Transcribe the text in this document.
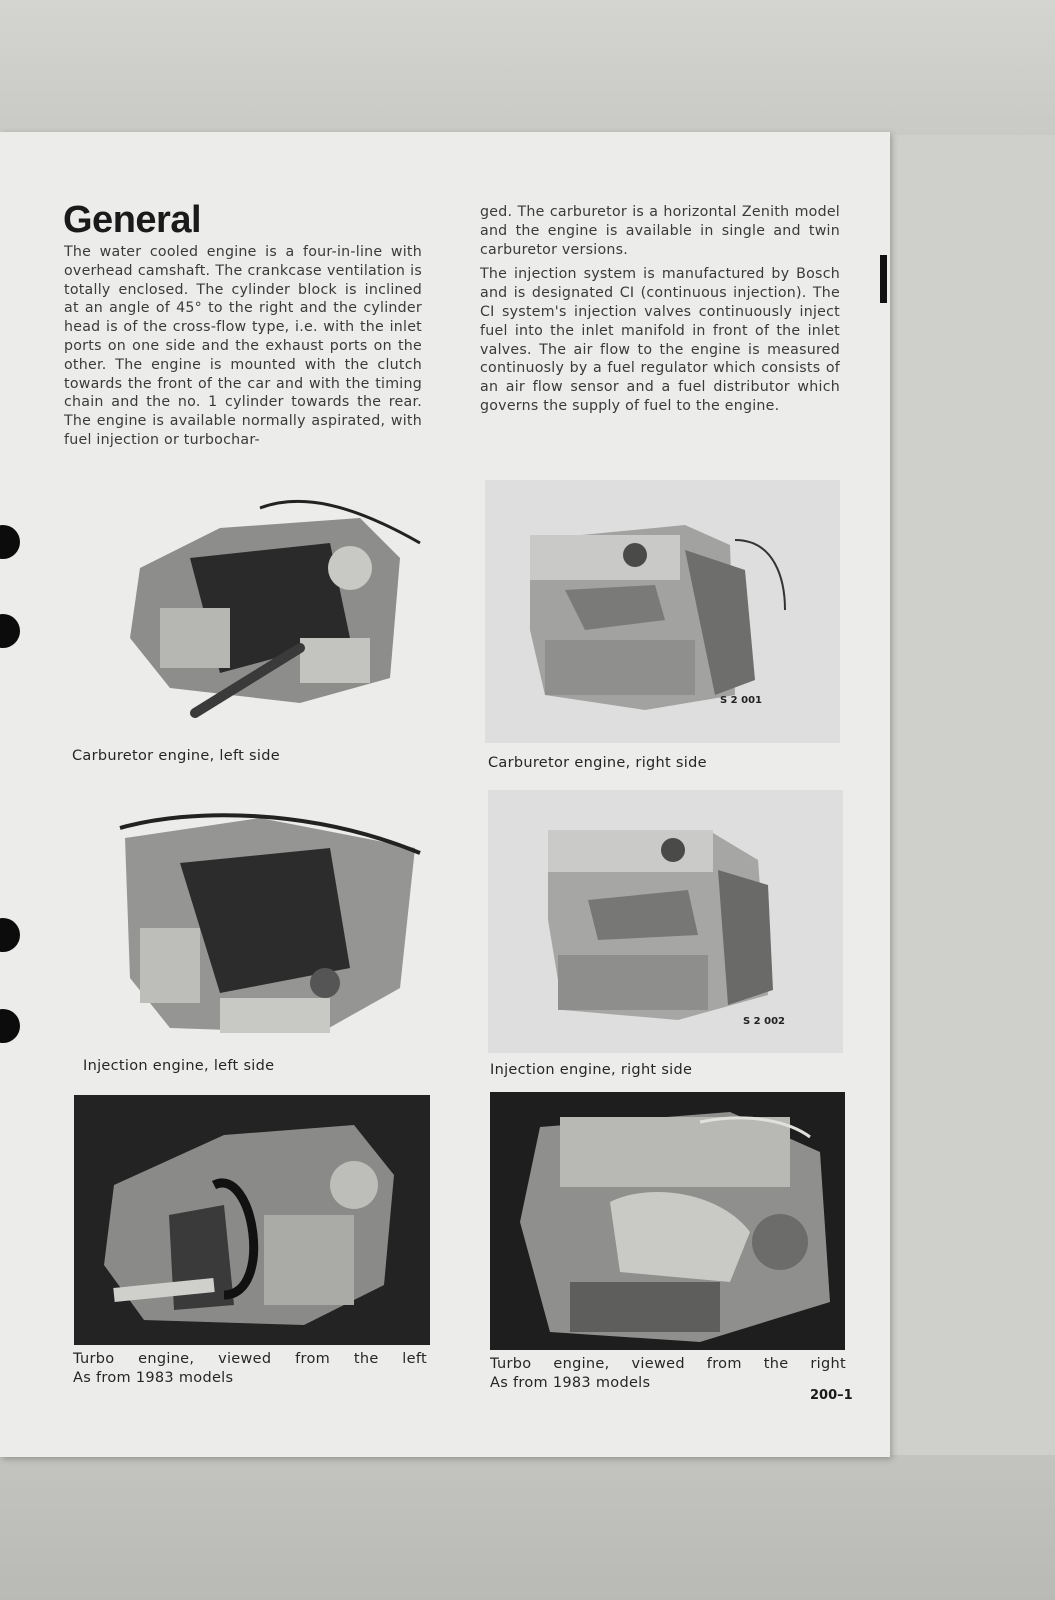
General

The water cooled engine is a four-in-line with overhead camshaft. The crankcase ventilation is totally enclosed. The cylinder block is inclined at an angle of 45° to the right and the cylinder head is of the cross-flow type, i.e. with the inlet ports on one side and the exhaust ports on the other. The engine is mounted with the clutch towards the front of the car and with the timing chain and the no. 1 cylinder towards the rear. The engine is available normally aspirated, with fuel injection or turbochar-

ged. The carburetor is a horizontal Zenith model and the engine is available in single and twin carburetor versions.

The injection system is manufactured by Bosch and is designated CI (continuous injection). The CI system's injection valves continuously inject fuel into the inlet manifold in front of the inlet valves. The air flow to the engine is measured continuosly by a fuel regulator which consists of an air flow sensor and a fuel distributor which governs the supply of fuel to the engine.

Carburetor engine, left side
S 2 001
Carburetor engine, right side
Injection engine, left side
S 2 002
Injection engine, right side
Turbo engine, viewed from the left
As from 1983 models
Turbo engine, viewed from the right
As from 1983 models
200–1
